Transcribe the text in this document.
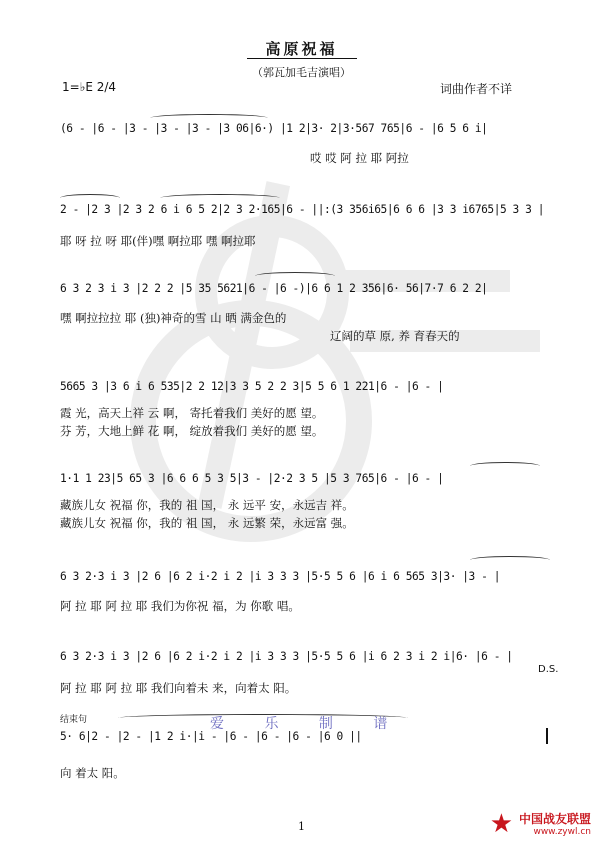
高原祝福
（郭瓦加毛吉演唱）
1=♭E 2/4	词曲作者不详
(6 - |6 - |3 - |3 - |3 - |3 06|6·) |1 2|3· 2|3·567 765|6 - |6 5 6 i|
哎 哎 阿 拉 耶 阿拉
2 - |2 3 |2 3 2 6 i 6 5 2|2 3 2·165|6 - ||:(3 356i65|6 6 6 |3 3 i6765|5 3 3 |
耶 呀 拉 呀 耶(伴)嘿 啊拉耶 嘿 啊拉耶
6 3 2 3 i 3 |2 2 2 |5 35 5621|6 - |6 -)|6 6 1 2 356|6· 56|7·7 6 2 2|
嘿 啊拉拉拉 耶 (独)神奇的雪 山 晒 满金色的
辽阔的草 原, 养 育春天的
5665 3 |3 6 i 6 535|2 2 12|3 3 5 2 2 3|5 5 6 1 221|6 - |6 - |
霞 光，高天上祥 云 啊， 寄托着我们 美好的愿 望。
芬 芳，大地上鲜 花 啊， 绽放着我们 美好的愿 望。
1·1 1 23|5 65 3 |6 6 6 5 3 5|3 - |2·2 3 5 |5 3 765|6 - |6 - |
藏族儿女 祝福 你，我的 祖 国， 永 远平 安，永远吉 祥。
藏族儿女 祝福 你，我的 祖 国， 永 远繁 荣，永远富 强。
6 3 2·3 i 3 |2 6 |6 2 i·2 i 2 |i 3 3 3 |5·5 5 6 |6 i 6 565 3|3· |3 - |
阿 拉 耶 阿 拉 耶 我们为你祝 福，为 你歌 唱。
6 3 2·3 i 3 |2 6 |6 2 i·2 i 2 |i 3 3 3 |5·5 5 6 |i 6 2 3 i 2 i|6· |6 - |
D.S.
阿 拉 耶 阿 拉 耶 我们向着未 来，向着太 阳。
结束句	爱 乐 制 谱
5· 6|2 - |2 - |1 2 i·|i - |6 - |6 - |6 - |6 0 ||
向 着太 阳。
1	★ 中国战友联盟
www.zywl.cn
